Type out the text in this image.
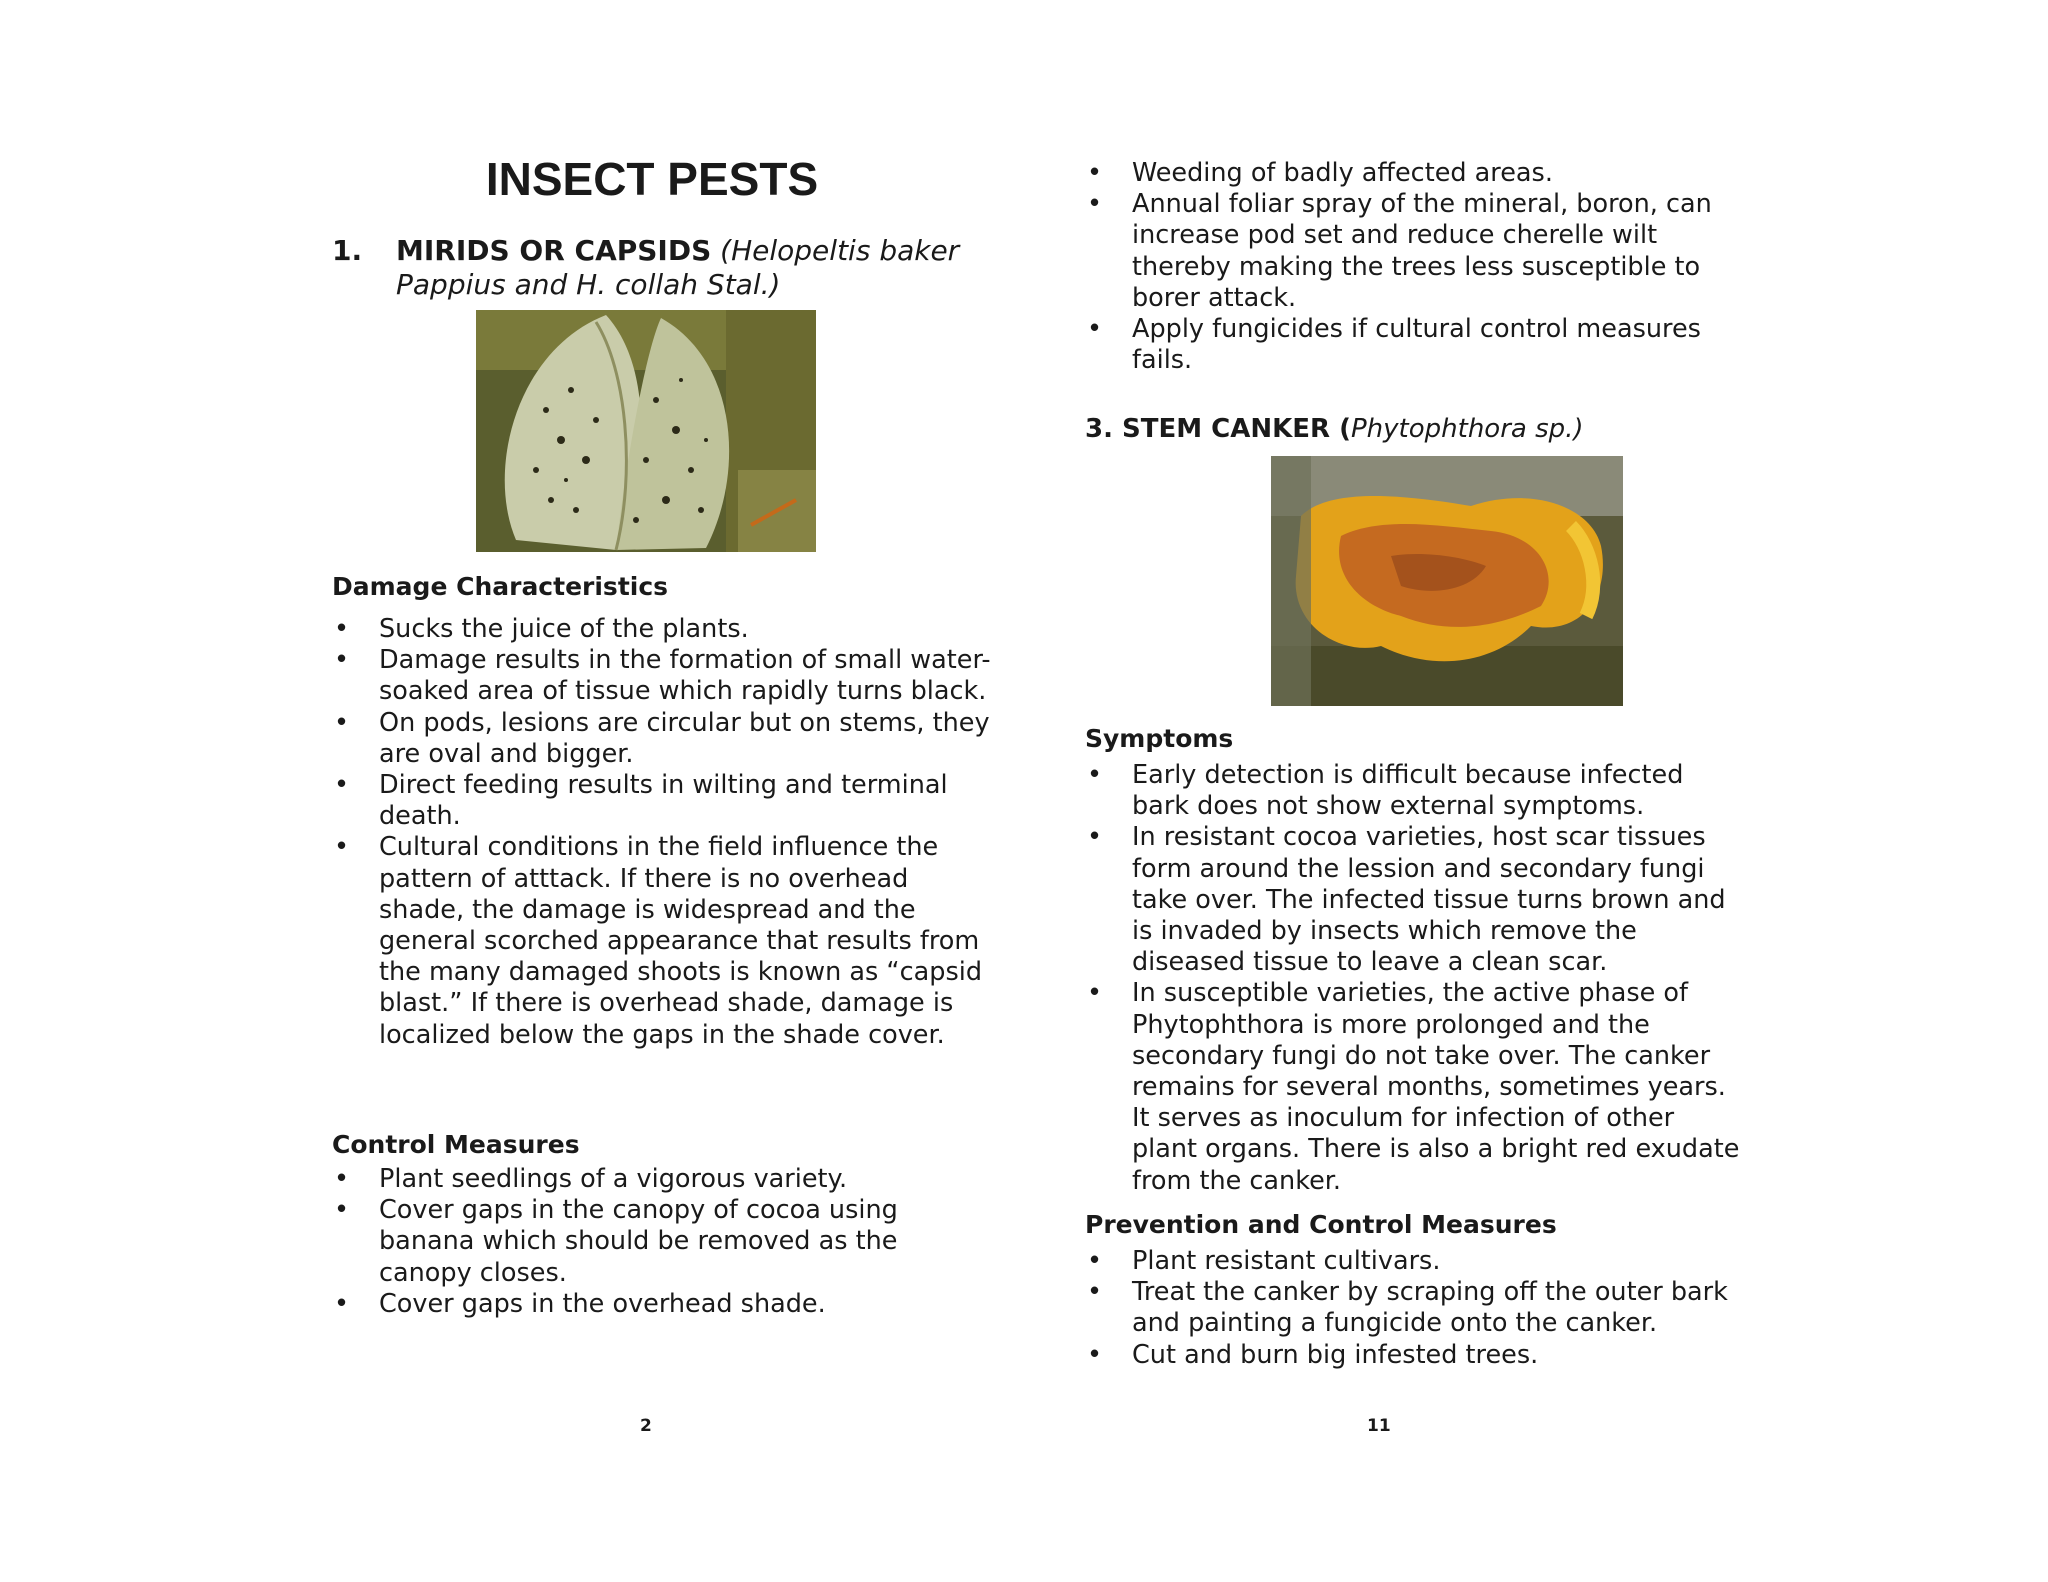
INSECT PESTS
1. MIRIDS OR CAPSIDS (Helopeltis baker
Pappius and H. collah Stal.)
Damage Characteristics
• Sucks the juice of the plants.
• Damage results in the formation of small water-soaked area of tissue which rapidly turns black.
• On pods, lesions are circular but on stems, they are oval and bigger.
• Direct feeding results in wilting and terminal death.
• Cultural conditions in the field influence the pattern of atttack. If there is no overhead shade, the damage is widespread and the general scorched appearance that results from the many damaged shoots is known as “capsid blast.” If there is overhead shade, damage is localized below the gaps in the shade cover.
Control Measures
• Plant seedlings of a vigorous variety.
• Cover gaps in the canopy of cocoa using banana which should be removed as the canopy closes.
• Cover gaps in the overhead shade.
2
• Weeding of badly affected areas.
• Annual foliar spray of the mineral, boron, can increase pod set and reduce cherelle wilt thereby making the trees less susceptible to borer attack.
• Apply fungicides if cultural control measures fails.
3. STEM CANKER (Phytophthora sp.)
Symptoms
• Early detection is difficult because infected bark does not show external symptoms.
• In resistant cocoa varieties, host scar tissues form around the lession and secondary fungi take over. The infected tissue turns brown and is invaded by insects which remove the diseased tissue to leave a clean scar.
• In susceptible varieties, the active phase of Phytophthora is more prolonged and the secondary fungi do not take over. The canker remains for several months, sometimes years. It serves as inoculum for infection of other plant organs. There is also a bright red exudate from the canker.
Prevention and Control Measures
• Plant resistant cultivars.
• Treat the canker by scraping off the outer bark and painting a fungicide onto the canker.
• Cut and burn big infested trees.
11
